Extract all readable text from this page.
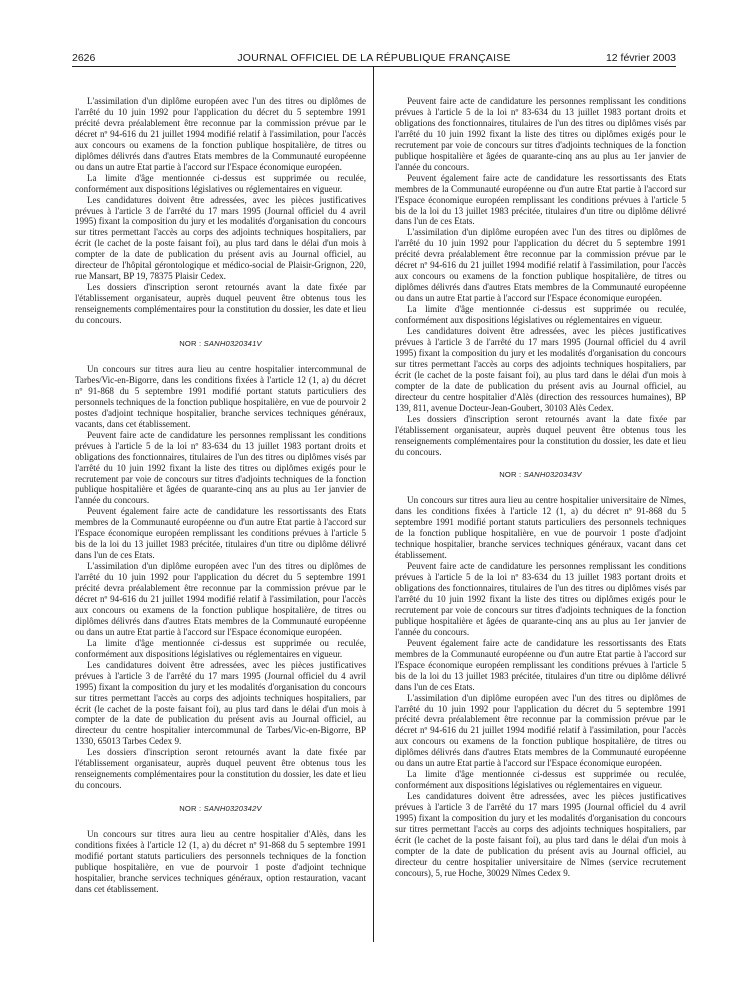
2626	JOURNAL OFFICIEL DE LA RÉPUBLIQUE FRANÇAISE	12 février 2003

L'assimilation d'un diplôme européen avec l'un des titres ou diplômes de l'arrêté du 10 juin 1992 pour l'application du décret du 5 septembre 1991 précité devra préalablement être reconnue par la commission prévue par le décret nº 94-616 du 21 juillet 1994 modifié relatif à l'assimilation, pour l'accès aux concours ou examens de la fonction publique hospitalière, de titres ou diplômes délivrés dans d'autres Etats membres de la Communauté européenne ou dans un autre Etat partie à l'accord sur l'Espace économique européen.

La limite d'âge mentionnée ci-dessus est supprimée ou reculée, conformément aux dispositions législatives ou réglementaires en vigueur.

Les candidatures doivent être adressées, avec les pièces justificatives prévues à l'article 3 de l'arrêté du 17 mars 1995 (Journal officiel du 4 avril 1995) fixant la composition du jury et les modalités d'organisation du concours sur titres permettant l'accès au corps des adjoints techniques hospitaliers, par écrit (le cachet de la poste faisant foi), au plus tard dans le délai d'un mois à compter de la date de publication du présent avis au Journal officiel, au directeur de l'hôpital gérontologique et médico-social de Plaisir-Grignon, 220, rue Mansart, BP 19, 78375 Plaisir Cedex.

Les dossiers d'inscription seront retournés avant la date fixée par l'établissement organisateur, auprès duquel peuvent être obtenus tous les renseignements complémentaires pour la constitution du dossier, les date et lieu du concours.

NOR : SANH0320341V

Un concours sur titres aura lieu au centre hospitalier intercommunal de Tarbes/Vic-en-Bigorre, dans les conditions fixées à l'article 12 (1, a) du décret nº 91-868 du 5 septembre 1991 modifié portant statuts particuliers des personnels techniques de la fonction publique hospitalière, en vue de pourvoir 2 postes d'adjoint technique hospitalier, branche services techniques généraux, vacants, dans cet établissement.

Peuvent faire acte de candidature les personnes remplissant les conditions prévues à l'article 5 de la loi nº 83-634 du 13 juillet 1983 portant droits et obligations des fonctionnaires, titulaires de l'un des titres ou diplômes visés par l'arrêté du 10 juin 1992 fixant la liste des titres ou diplômes exigés pour le recrutement par voie de concours sur titres d'adjoints techniques de la fonction publique hospitalière et âgées de quarante-cinq ans au plus au 1er janvier de l'année du concours.

Peuvent également faire acte de candidature les ressortissants des Etats membres de la Communauté européenne ou d'un autre Etat partie à l'accord sur l'Espace économique européen remplissant les conditions prévues à l'article 5 bis de la loi du 13 juillet 1983 précitée, titulaires d'un titre ou diplôme délivré dans l'un de ces Etats.

L'assimilation d'un diplôme européen avec l'un des titres ou diplômes de l'arrêté du 10 juin 1992 pour l'application du décret du 5 septembre 1991 précité devra préalablement être reconnue par la commission prévue par le décret nº 94-616 du 21 juillet 1994 modifié relatif à l'assimilation, pour l'accès aux concours ou examens de la fonction publique hospitalière, de titres ou diplômes délivrés dans d'autres Etats membres de la Communauté européenne ou dans un autre Etat partie à l'accord sur l'Espace économique européen.

La limite d'âge mentionnée ci-dessus est supprimée ou reculée, conformément aux dispositions législatives ou réglementaires en vigueur.

Les candidatures doivent être adressées, avec les pièces justificatives prévues à l'article 3 de l'arrêté du 17 mars 1995 (Journal officiel du 4 avril 1995) fixant la composition du jury et les modalités d'organisation du concours sur titres permettant l'accès au corps des adjoints techniques hospitaliers, par écrit (le cachet de la poste faisant foi), au plus tard dans le délai d'un mois à compter de la date de publication du présent avis au Journal officiel, au directeur du centre hospitalier intercommunal de Tarbes/Vic-en-Bigorre, BP 1330, 65013 Tarbes Cedex 9.

Les dossiers d'inscription seront retournés avant la date fixée par l'établissement organisateur, auprès duquel peuvent être obtenus tous les renseignements complémentaires pour la constitution du dossier, les date et lieu du concours.

NOR : SANH0320342V

Un concours sur titres aura lieu au centre hospitalier d'Alès, dans les conditions fixées à l'article 12 (1, a) du décret nº 91-868 du 5 septembre 1991 modifié portant statuts particuliers des personnels techniques de la fonction publique hospitalière, en vue de pourvoir 1 poste d'adjoint technique hospitalier, branche services techniques généraux, option restauration, vacant dans cet établissement.

Peuvent faire acte de candidature les personnes remplissant les conditions prévues à l'article 5 de la loi nº 83-634 du 13 juillet 1983 portant droits et obligations des fonctionnaires, titulaires de l'un des titres ou diplômes visés par l'arrêté du 10 juin 1992 fixant la liste des titres ou diplômes exigés pour le recrutement par voie de concours sur titres d'adjoints techniques de la fonction publique hospitalière et âgées de quarante-cinq ans au plus au 1er janvier de l'année du concours.

Peuvent également faire acte de candidature les ressortissants des Etats membres de la Communauté européenne ou d'un autre Etat partie à l'accord sur l'Espace économique européen remplissant les conditions prévues à l'article 5 bis de la loi du 13 juillet 1983 précitée, titulaires d'un titre ou diplôme délivré dans l'un de ces Etats.

L'assimilation d'un diplôme européen avec l'un des titres ou diplômes de l'arrêté du 10 juin 1992 pour l'application du décret du 5 septembre 1991 précité devra préalablement être reconnue par la commission prévue par le décret nº 94-616 du 21 juillet 1994 modifié relatif à l'assimilation, pour l'accès aux concours ou examens de la fonction publique hospitalière, de titres ou diplômes délivrés dans d'autres Etats membres de la Communauté européenne ou dans un autre Etat partie à l'accord sur l'Espace économique européen.

La limite d'âge mentionnée ci-dessus est supprimée ou reculée, conformément aux dispositions législatives ou réglementaires en vigueur.

Les candidatures doivent être adressées, avec les pièces justificatives prévues à l'article 3 de l'arrêté du 17 mars 1995 (Journal officiel du 4 avril 1995) fixant la composition du jury et les modalités d'organisation du concours sur titres permettant l'accès au corps des adjoints techniques hospitaliers, par écrit (le cachet de la poste faisant foi), au plus tard dans le délai d'un mois à compter de la date de publication du présent avis au Journal officiel, au directeur du centre hospitalier d'Alès (direction des ressources humaines), BP 139, 811, avenue Docteur-Jean-Goubert, 30103 Alès Cedex.

Les dossiers d'inscription seront retournés avant la date fixée par l'établissement organisateur, auprès duquel peuvent être obtenus tous les renseignements complémentaires pour la constitution du dossier, les date et lieu du concours.

NOR : SANH0320343V

Un concours sur titres aura lieu au centre hospitalier universitaire de Nîmes, dans les conditions fixées à l'article 12 (1, a) du décret nº 91-868 du 5 septembre 1991 modifié portant statuts particuliers des personnels techniques de la fonction publique hospitalière, en vue de pourvoir 1 poste d'adjoint technique hospitalier, branche services techniques généraux, vacant dans cet établissement.

Peuvent faire acte de candidature les personnes remplissant les conditions prévues à l'article 5 de la loi nº 83-634 du 13 juillet 1983 portant droits et obligations des fonctionnaires, titulaires de l'un des titres ou diplômes visés par l'arrêté du 10 juin 1992 fixant la liste des titres ou diplômes exigés pour le recrutement par voie de concours sur titres d'adjoints techniques de la fonction publique hospitalière et âgées de quarante-cinq ans au plus au 1er janvier de l'année du concours.

Peuvent également faire acte de candidature les ressortissants des Etats membres de la Communauté européenne ou d'un autre Etat partie à l'accord sur l'Espace économique européen remplissant les conditions prévues à l'article 5 bis de la loi du 13 juillet 1983 précitée, titulaires d'un titre ou diplôme délivré dans l'un de ces Etats.

L'assimilation d'un diplôme européen avec l'un des titres ou diplômes de l'arrêté du 10 juin 1992 pour l'application du décret du 5 septembre 1991 précité devra préalablement être reconnue par la commission prévue par le décret nº 94-616 du 21 juillet 1994 modifié relatif à l'assimilation, pour l'accès aux concours ou examens de la fonction publique hospitalière, de titres ou diplômes délivrés dans d'autres Etats membres de la Communauté européenne ou dans un autre Etat partie à l'accord sur l'Espace économique européen.

La limite d'âge mentionnée ci-dessus est supprimée ou reculée, conformément aux dispositions législatives ou réglementaires en vigueur.

Les candidatures doivent être adressées, avec les pièces justificatives prévues à l'article 3 de l'arrêté du 17 mars 1995 (Journal officiel du 4 avril 1995) fixant la composition du jury et les modalités d'organisation du concours sur titres permettant l'accès au corps des adjoints techniques hospitaliers, par écrit (le cachet de la poste faisant foi), au plus tard dans le délai d'un mois à compter de la date de publication du présent avis au Journal officiel, au directeur du centre hospitalier universitaire de Nîmes (service recrutement concours), 5, rue Hoche, 30029 Nîmes Cedex 9.
